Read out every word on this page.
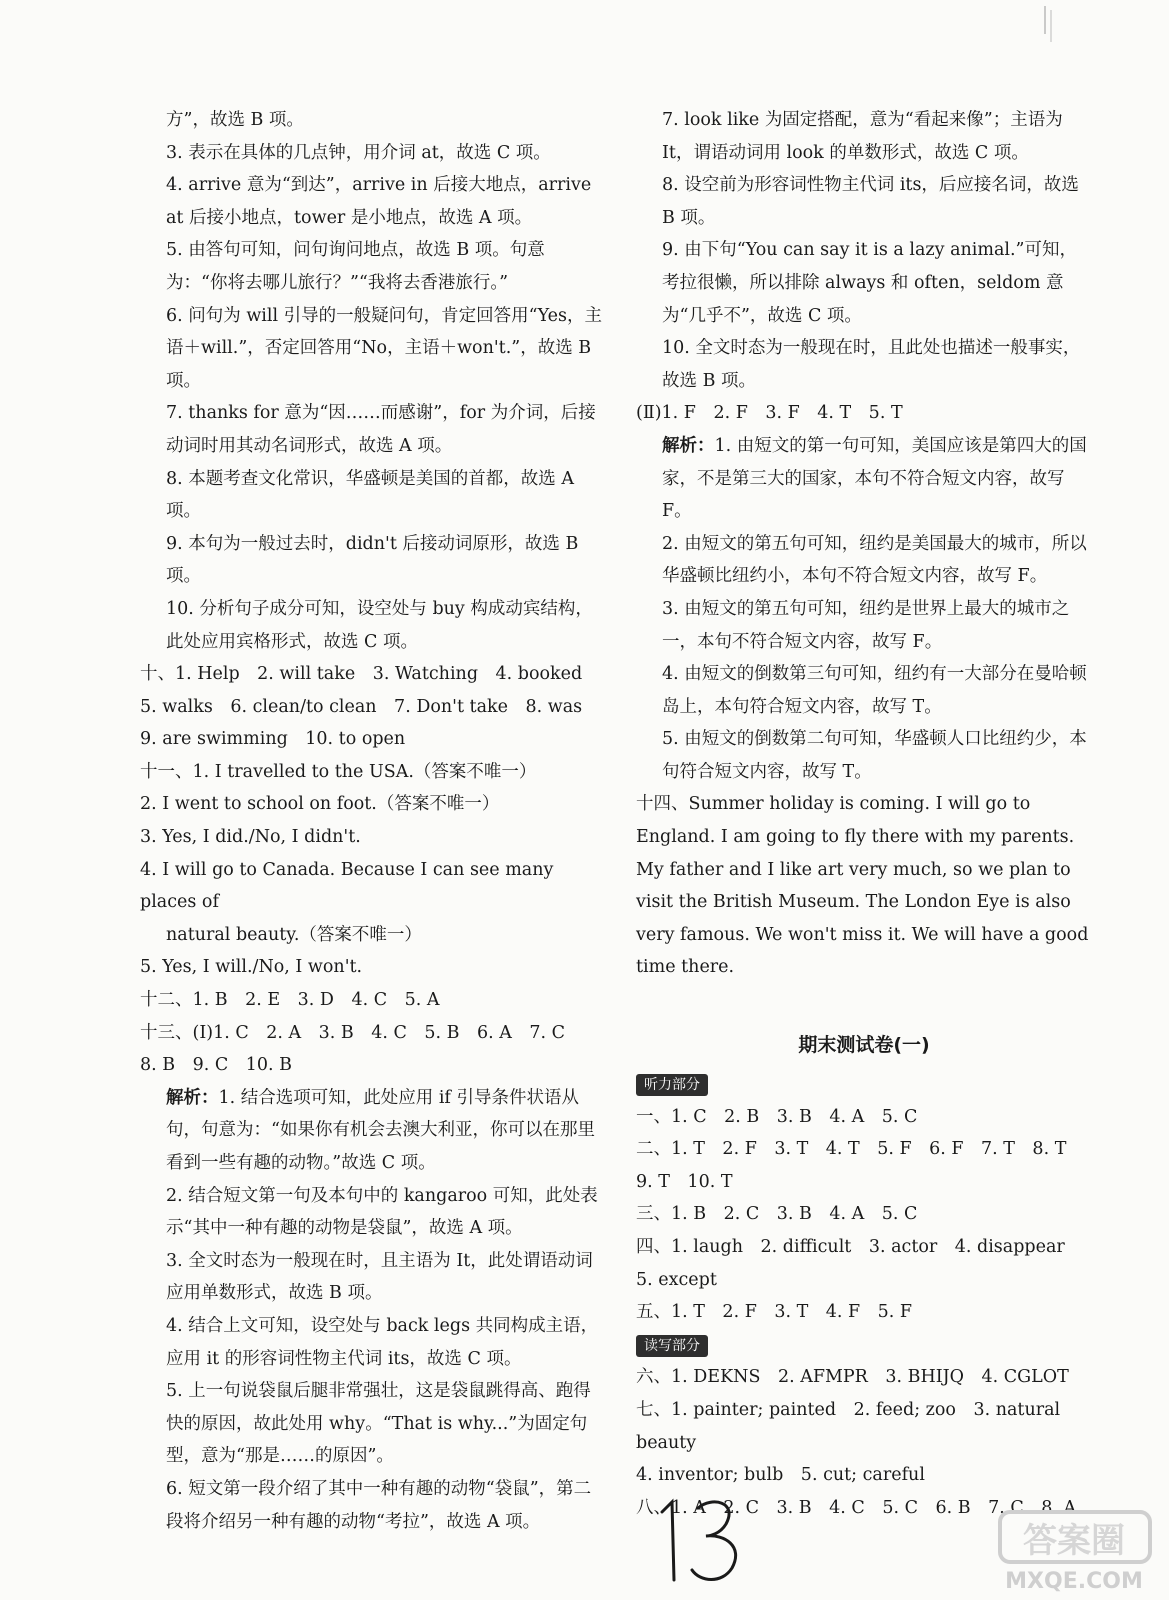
方”，故选 B 项。
3. 表示在具体的几点钟，用介词 at，故选 C 项。
4. arrive 意为“到达”，arrive in 后接大地点，arrive at 后接小地点，tower 是小地点，故选 A 项。
5. 由答句可知，问句询问地点，故选 B 项。句意为：“你将去哪儿旅行？”“我将去香港旅行。”
6. 问句为 will 引导的一般疑问句，肯定回答用“Yes，主语＋will.”，否定回答用“No，主语＋won't.”，故选 B 项。
7. thanks for 意为“因……而感谢”，for 为介词，后接动词时用其动名词形式，故选 A 项。
8. 本题考查文化常识，华盛顿是美国的首都，故选 A 项。
9. 本句为一般过去时，didn't 后接动词原形，故选 B 项。
10. 分析句子成分可知，设空处与 buy 构成动宾结构，此处应用宾格形式，故选 C 项。
十、1. Help　2. will take　3. Watching　4. booked
5. walks　6. clean/to clean　7. Don't take　8. was
9. are swimming　10. to open
十一、1. I travelled to the USA.（答案不唯一）
2. I went to school on foot.（答案不唯一）
3. Yes, I did./No, I didn't.
4. I will go to Canada. Because I can see many places of
natural beauty.（答案不唯一）
5. Yes, I will./No, I won't.
十二、1. B　2. E　3. D　4. C　5. A
十三、(Ⅰ)1. C　2. A　3. B　4. C　5. B　6. A　7. C
8. B　9. C　10. B
解析：1. 结合选项可知，此处应用 if 引导条件状语从句，句意为：“如果你有机会去澳大利亚，你可以在那里看到一些有趣的动物。”故选 C 项。
2. 结合短文第一句及本句中的 kangaroo 可知，此处表示“其中一种有趣的动物是袋鼠”，故选 A 项。
3. 全文时态为一般现在时，且主语为 It，此处谓语动词应用单数形式，故选 B 项。
4. 结合上文可知，设空处与 back legs 共同构成主语，应用 it 的形容词性物主代词 its，故选 C 项。
5. 上一句说袋鼠后腿非常强壮，这是袋鼠跳得高、跑得快的原因，故此处用 why。“That is why...”为固定句型，意为“那是……的原因”。
6. 短文第一段介绍了其中一种有趣的动物“袋鼠”，第二段将介绍另一种有趣的动物“考拉”，故选 A 项。
7. look like 为固定搭配，意为“看起来像”；主语为 It，谓语动词用 look 的单数形式，故选 C 项。
8. 设空前为形容词性物主代词 its，后应接名词，故选 B 项。
9. 由下句“You can say it is a lazy animal.”可知，考拉很懒，所以排除 always 和 often，seldom 意为“几乎不”，故选 C 项。
10. 全文时态为一般现在时，且此处也描述一般事实，故选 B 项。
(Ⅱ)1. F　2. F　3. F　4. T　5. T
解析：1. 由短文的第一句可知，美国应该是第四大的国家，不是第三大的国家，本句不符合短文内容，故写 F。
2. 由短文的第五句可知，纽约是美国最大的城市，所以华盛顿比纽约小，本句不符合短文内容，故写 F。
3. 由短文的第五句可知，纽约是世界上最大的城市之一，本句不符合短文内容，故写 F。
4. 由短文的倒数第三句可知，纽约有一大部分在曼哈顿岛上，本句符合短文内容，故写 T。
5. 由短文的倒数第二句可知，华盛顿人口比纽约少，本句符合短文内容，故写 T。
十四、Summer holiday is coming. I will go to England. I am going to fly there with my parents. My father and I like art very much, so we plan to visit the British Museum. The London Eye is also very famous. We won't miss it. We will have a good time there.
期末测试卷(一)
听力部分
一、1. C　2. B　3. B　4. A　5. C
二、1. T　2. F　3. T　4. T　5. F　6. F　7. T　8. T
9. T　10. T
三、1. B　2. C　3. B　4. A　5. C
四、1. laugh　2. difficult　3. actor　4. disappear
5. except
五、1. T　2. F　3. T　4. F　5. F
读写部分
六、1. DEKNS　2. AFMPR　3. BHIJQ　4. CGLOT
七、1. painter; painted　2. feed; zoo　3. natural beauty
4. inventor; bulb　5. cut; careful
八、1. A　2. C　3. B　4. C　5. C　6. B　7. C　8. A
13
答案圈
MXQE.COM
